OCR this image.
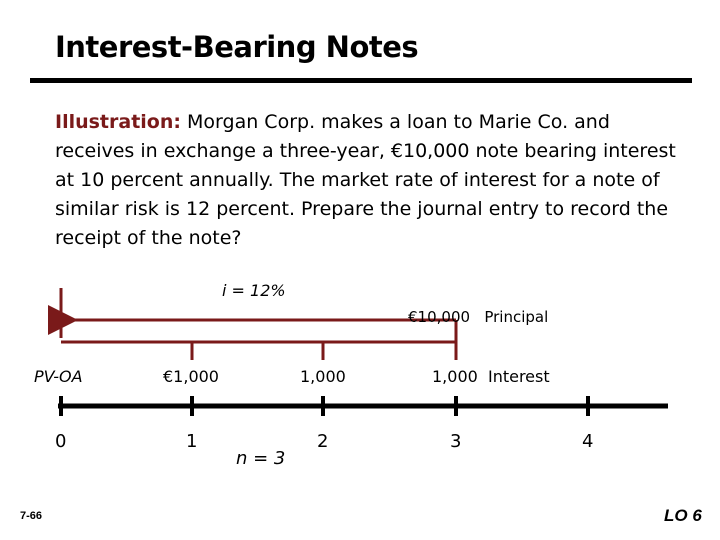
Interest-Bearing Notes
Illustration: Morgan Corp. makes a loan to Marie Co. and receives in exchange a three-year, €10,000 note bearing interest at 10 percent annually. The market rate of interest for a note of similar risk is 12 percent. Prepare the journal entry to record the receipt of the note?
i = 12%
€10,000   Principal
PV-OA	€1,000	1,000	1,000  Interest
0	1	2	3	4
n = 3
7-66	LO 6
